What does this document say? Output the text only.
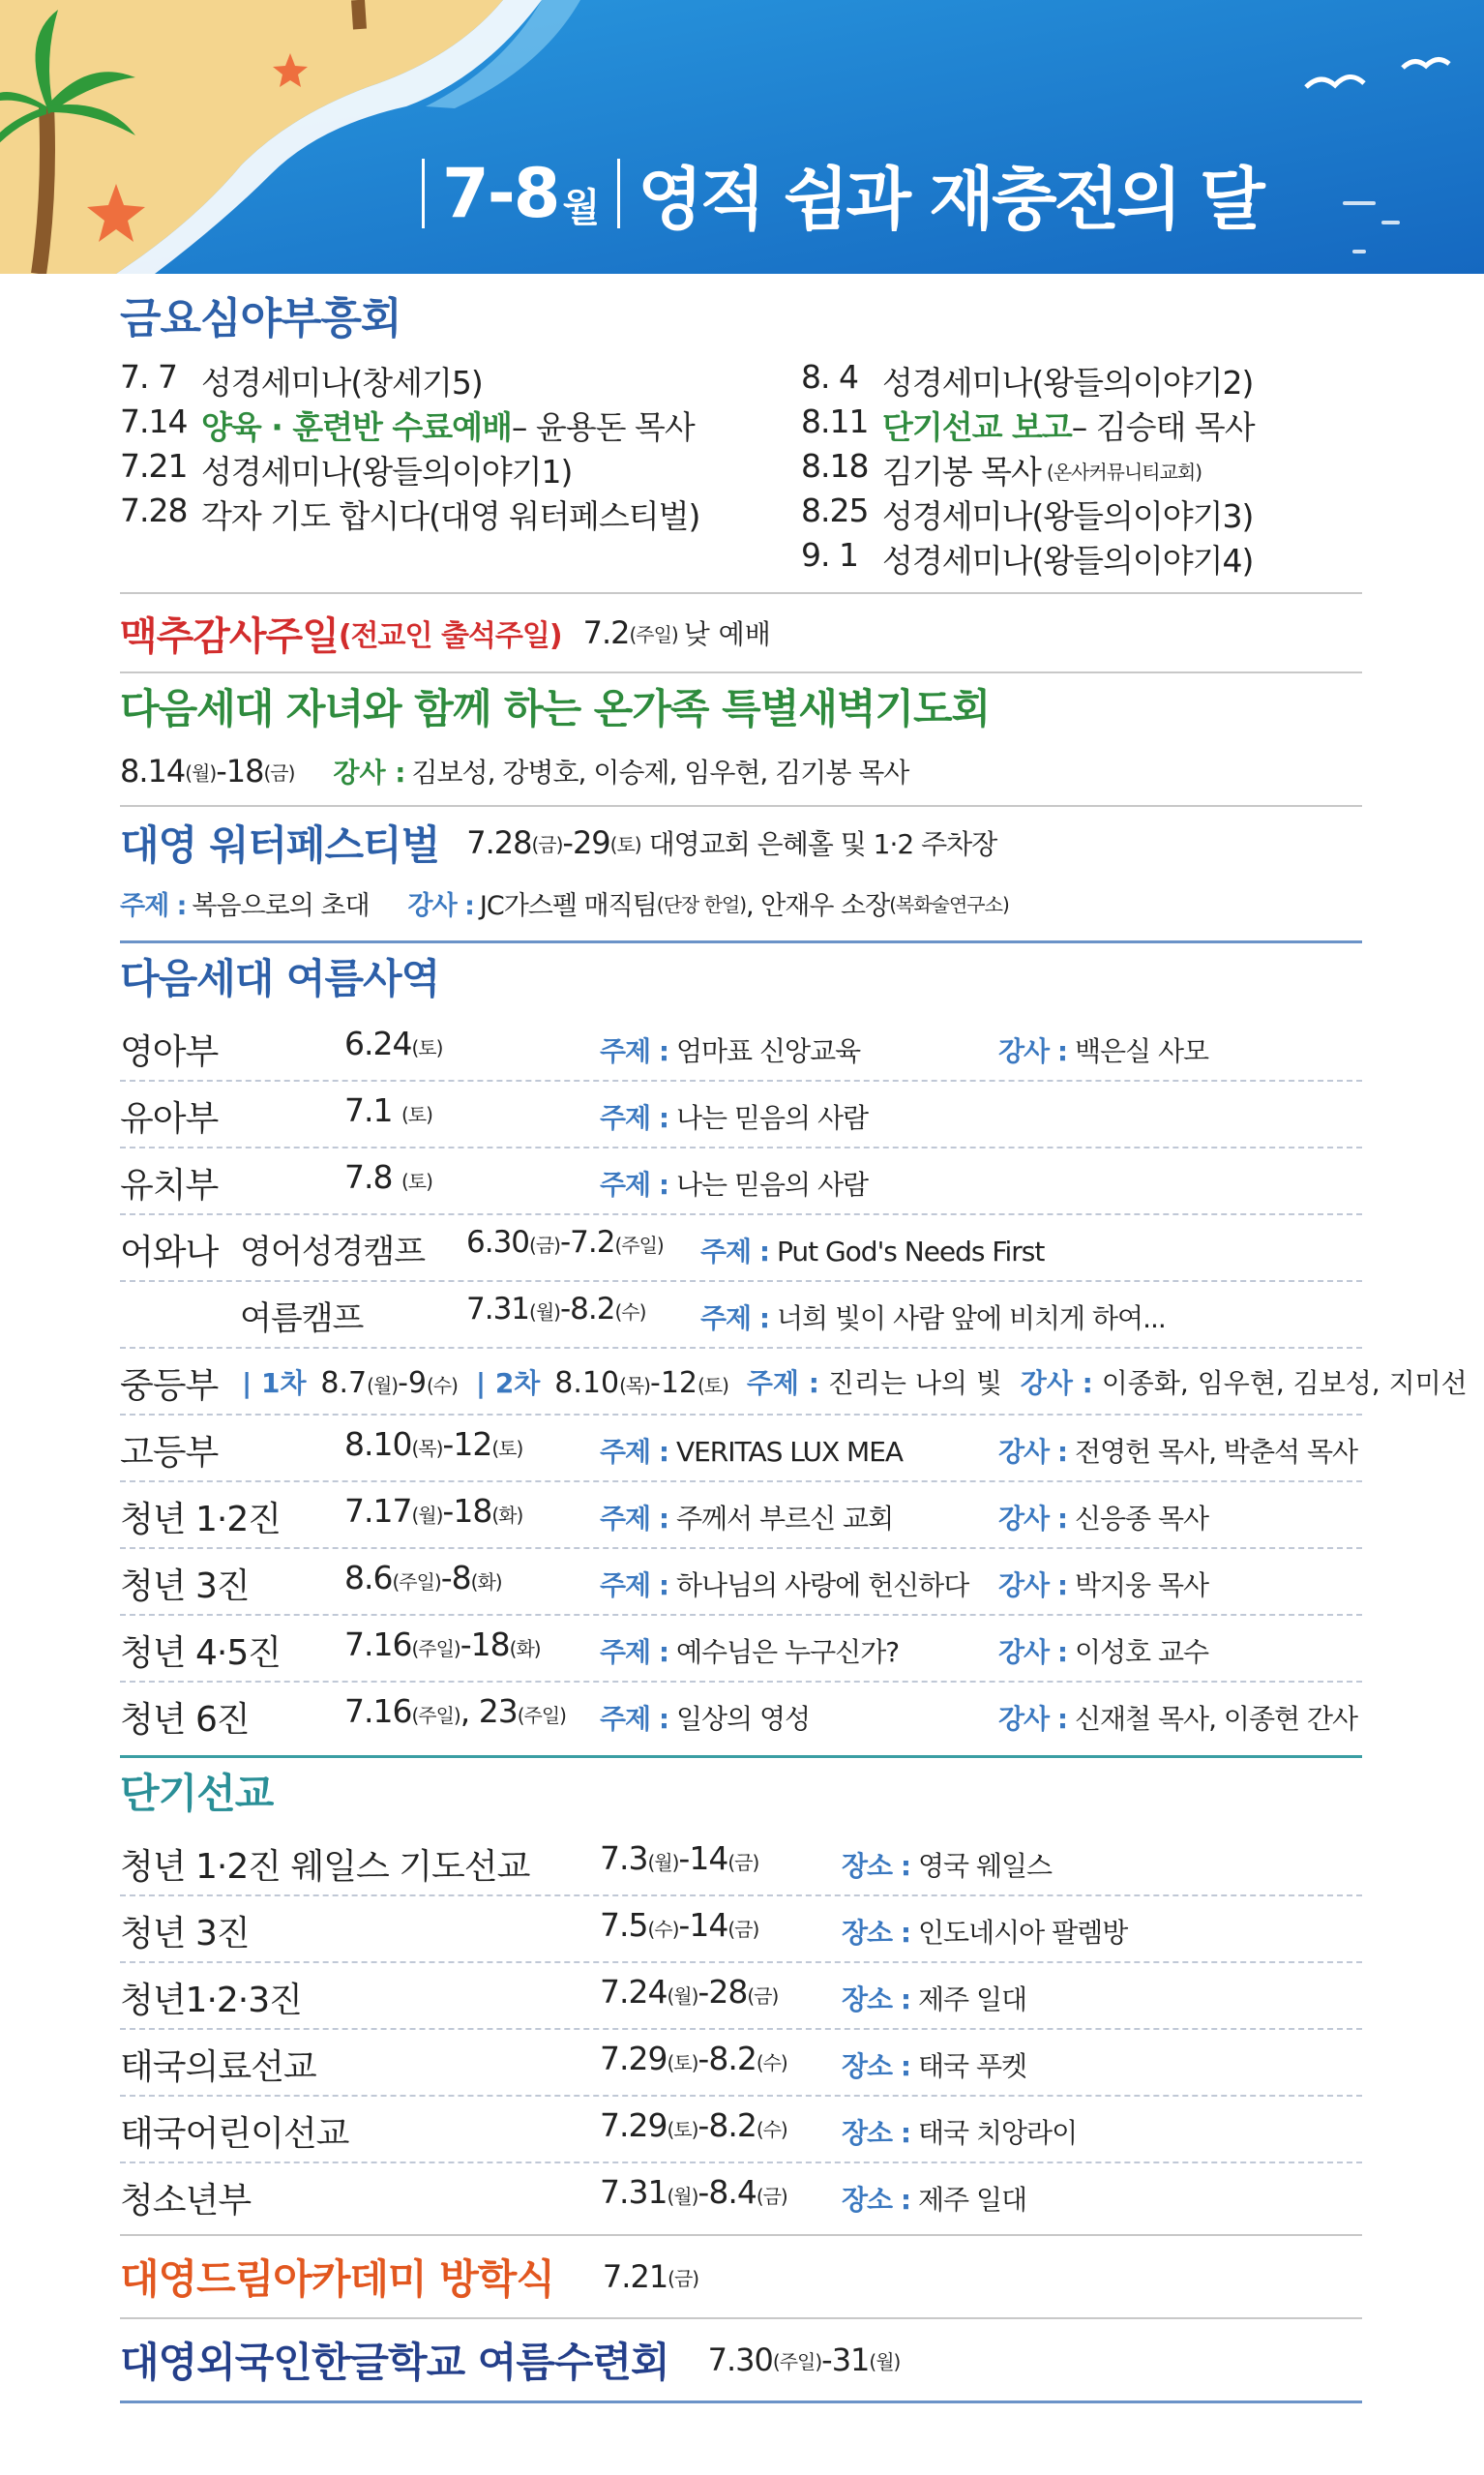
7-8 월 영적 쉼과 재충전의 달
금요심야부흥회
7. 7 성경세미나(창세기5)
7.14 양육 · 훈련반 수료예배 – 윤용돈 목사
7.21 성경세미나(왕들의이야기1)
7.28 각자 기도 합시다(대영 워터페스티벌)
8. 4 성경세미나(왕들의이야기2)
8.11 단기선교 보고 – 김승태 목사
8.18 김기봉 목사 (온사커뮤니티교회)
8.25 성경세미나(왕들의이야기3)
9. 1 성경세미나(왕들의이야기4)
맥추감사주일 (전교인 출석주일) 7.2 (주일) 낮 예배
다음세대 자녀와 함께 하는 온가족 특별새벽기도회
8.14 (월) -18 (금) 강사 : 김보성, 강병호, 이승제, 임우현, 김기봉 목사
대영 워터페스티벌 7.28 (금) -29 (토) 대영교회 은혜홀 및 1·2 주차장
주제 : 복음으로의 초대 강사 : JC가스펠 매직팀 (단장 한얼) , 안재우 소장 (복화술연구소)
다음세대 여름사역
영아부	6.24(토)	주제 : 엄마표 신앙교육	강사 : 백은실 사모
유아부	7.1 (토)	주제 : 나는 믿음의 사람
유치부	7.8 (토)	주제 : 나는 믿음의 사람
어와나 영어성경캠프 6.30(금)-7.2(주일) 주제 : Put God's Needs First
여름캠프	7.31(월)-8.2(수) 주제 : 너희 빛이 사람 앞에 비치게 하여...
중등부 | 1차 8.7(월)-9(수) | 2차 8.10(목)-12(토) 주제 : 진리는 나의 빛 강사 : 이종화, 임우현, 김보성, 지미선
고등부	8.10(목)-12(토)	주제 : VERITAS LUX MEA	강사 : 전영헌 목사, 박춘석 목사
청년 1·2진 7.17(월)-18(화)	주제 : 주께서 부르신 교회	강사 : 신응종 목사
청년 3진	8.6(주일)-8(화)	주제 : 하나님의 사랑에 헌신하다 강사 : 박지웅 목사
청년 4·5진 7.16(주일)-18(화) 주제 : 예수님은 누구신가?	강사 : 이성호 교수
청년 6진	7.16(주일), 23(주일) 주제 : 일상의 영성	강사 : 신재철 목사, 이종현 간사
단기선교
청년 1·2진 웨일스 기도선교 7.3(월)-14(금)	장소 : 영국 웨일스
청년 3진	7.5(수)-14(금)	장소 : 인도네시아 팔렘방
청년1·2·3진	7.24(월)-28(금) 장소 : 제주 일대
태국의료선교	7.29(토)-8.2(수) 장소 : 태국 푸켓
태국어린이선교	7.29(토)-8.2(수) 장소 : 태국 치앙라이
청소년부	7.31(월)-8.4(금) 장소 : 제주 일대
대영드림아카데미 방학식 7.21 (금)
대영외국인한글학교 여름수련회 7.30 (주일) -31 (월)
